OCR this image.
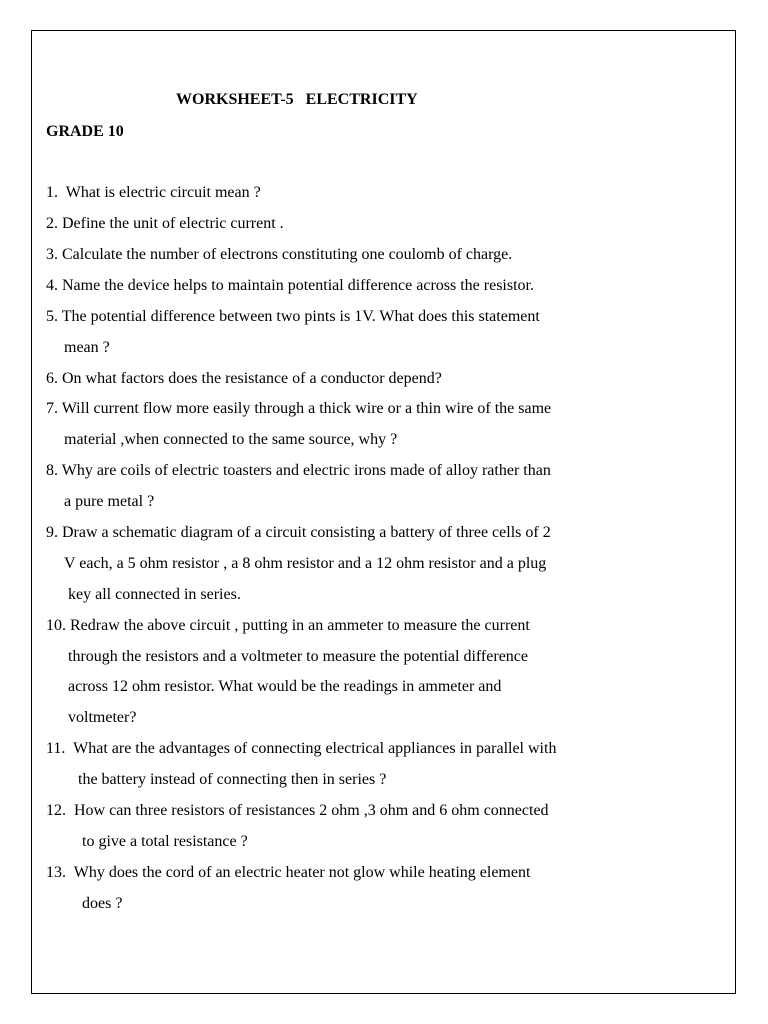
WORKSHEET-5   ELECTRICITY
GRADE 10
1.  What is electric circuit mean ?
2. Define the unit of electric current .
3. Calculate the number of electrons constituting one coulomb of charge.
4. Name the device helps to maintain potential difference across the resistor.
5. The potential difference between two pints is 1V. What does this statement
mean ?
6. On what factors does the resistance of a conductor depend?
7. Will current flow more easily through a thick wire or a thin wire of the same
material ,when connected to the same source, why ?
8. Why are coils of electric toasters and electric irons made of alloy rather than
a pure metal ?
9. Draw a schematic diagram of a circuit consisting a battery of three cells of 2
V each, a 5 ohm resistor , a 8 ohm resistor and a 12 ohm resistor and a plug
key all connected in series.
10. Redraw the above circuit , putting in an ammeter to measure the current
through the resistors and a voltmeter to measure the potential difference
across 12 ohm resistor. What would be the readings in ammeter and
voltmeter?
11.  What are the advantages of connecting electrical appliances in parallel with
the battery instead of connecting then in series ?
12.  How can three resistors of resistances 2 ohm ,3 ohm and 6 ohm connected
to give a total resistance ?
13.  Why does the cord of an electric heater not glow while heating element
does ?
